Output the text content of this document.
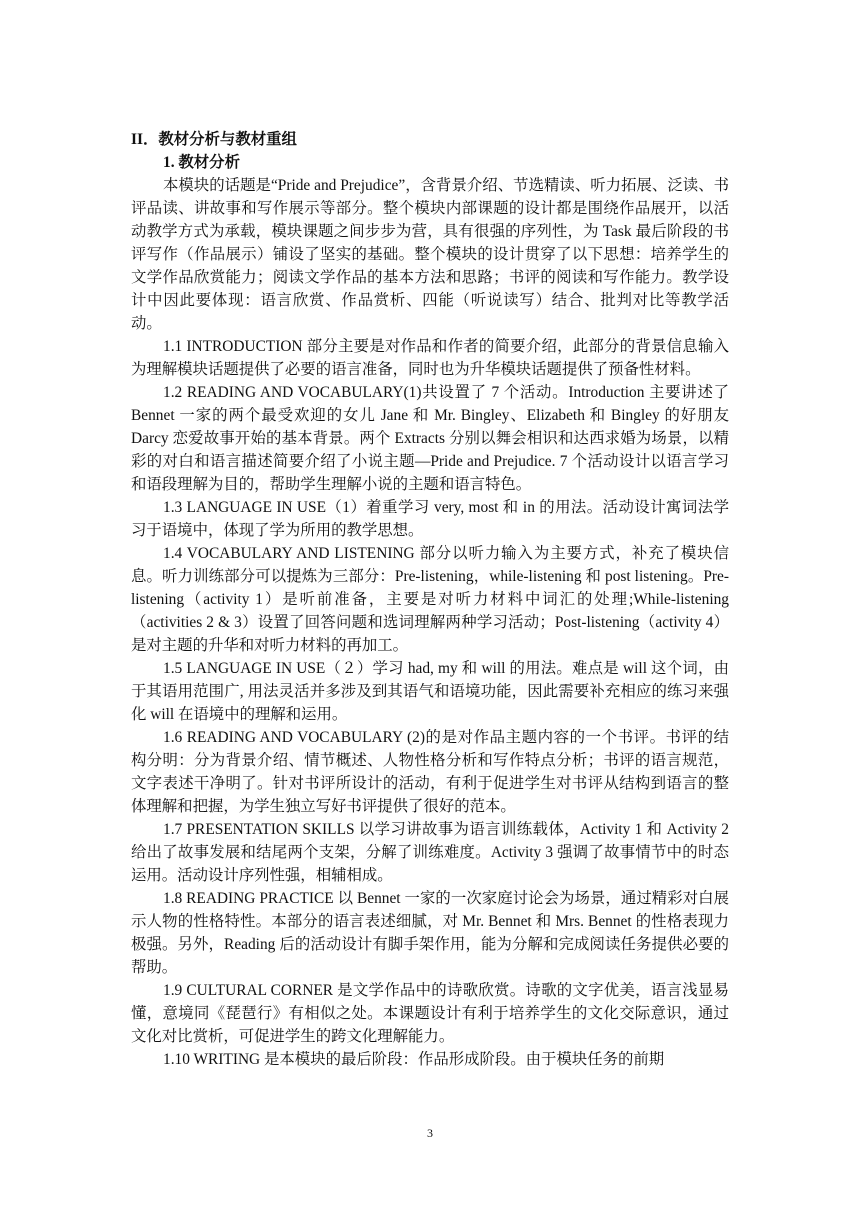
II．教材分析与教材重组

1. 教材分析

本模块的话题是“Pride and Prejudice”，含背景介绍、节选精读、听力拓展、泛读、书评品读、讲故事和写作展示等部分。整个模块内部课题的设计都是围绕作品展开，以活动教学方式为承载，模块课题之间步步为营，具有很强的序列性，为 Task 最后阶段的书评写作（作品展示）铺设了坚实的基础。整个模块的设计贯穿了以下思想：培养学生的文学作品欣赏能力；阅读文学作品的基本方法和思路；书评的阅读和写作能力。教学设计中因此要体现：语言欣赏、作品赏析、四能（听说读写）结合、批判对比等教学活动。

1.1 INTRODUCTION 部分主要是对作品和作者的简要介绍，此部分的背景信息输入为理解模块话题提供了必要的语言准备，同时也为升华模块话题提供了预备性材料。

1.2 READING AND VOCABULARY(1)共设置了 7 个活动。Introduction 主要讲述了 Bennet 一家的两个最受欢迎的女儿 Jane 和 Mr. Bingley、Elizabeth 和 Bingley 的好朋友 Darcy 恋爱故事开始的基本背景。两个 Extracts 分别以舞会相识和达西求婚为场景，以精彩的对白和语言描述简要介绍了小说主题—Pride and Prejudice. 7 个活动设计以语言学习和语段理解为目的，帮助学生理解小说的主题和语言特色。

1.3 LANGUAGE IN USE（1）着重学习 very, most 和 in 的用法。活动设计寓词法学习于语境中，体现了学为所用的教学思想。

1.4 VOCABULARY AND LISTENING 部分以听力输入为主要方式，补充了模块信息。听力训练部分可以提炼为三部分：Pre-listening，while-listening 和 post listening。Pre-listening（activity 1）是听前准备，主要是对听力材料中词汇的处理;While-listening（activities 2 & 3）设置了回答问题和选词理解两种学习活动；Post-listening（activity 4）是对主题的升华和对听力材料的再加工。

1.5 LANGUAGE IN USE（２）学习 had, my 和 will 的用法。难点是 will 这个词，由于其语用范围广, 用法灵活并多涉及到其语气和语境功能，因此需要补充相应的练习来强化 will 在语境中的理解和运用。

1.6 READING AND VOCABULARY (2)的是对作品主题内容的一个书评。书评的结构分明：分为背景介绍、情节概述、人物性格分析和写作特点分析；书评的语言规范，文字表述干净明了。针对书评所设计的活动，有利于促进学生对书评从结构到语言的整体理解和把握，为学生独立写好书评提供了很好的范本。

1.7 PRESENTATION SKILLS 以学习讲故事为语言训练载体，Activity 1 和 Activity 2 给出了故事发展和结尾两个支架，分解了训练难度。Activity 3 强调了故事情节中的时态运用。活动设计序列性强，相辅相成。

1.8 READING PRACTICE 以 Bennet 一家的一次家庭讨论会为场景，通过精彩对白展示人物的性格特性。本部分的语言表述细腻，对 Mr. Bennet 和 Mrs. Bennet 的性格表现力极强。另外，Reading 后的活动设计有脚手架作用，能为分解和完成阅读任务提供必要的帮助。

1.9 CULTURAL CORNER 是文学作品中的诗歌欣赏。诗歌的文字优美，语言浅显易懂，意境同《琵琶行》有相似之处。本课题设计有利于培养学生的文化交际意识，通过文化对比赏析，可促进学生的跨文化理解能力。

1.10 WRITING 是本模块的最后阶段：作品形成阶段。由于模块任务的前期

3
